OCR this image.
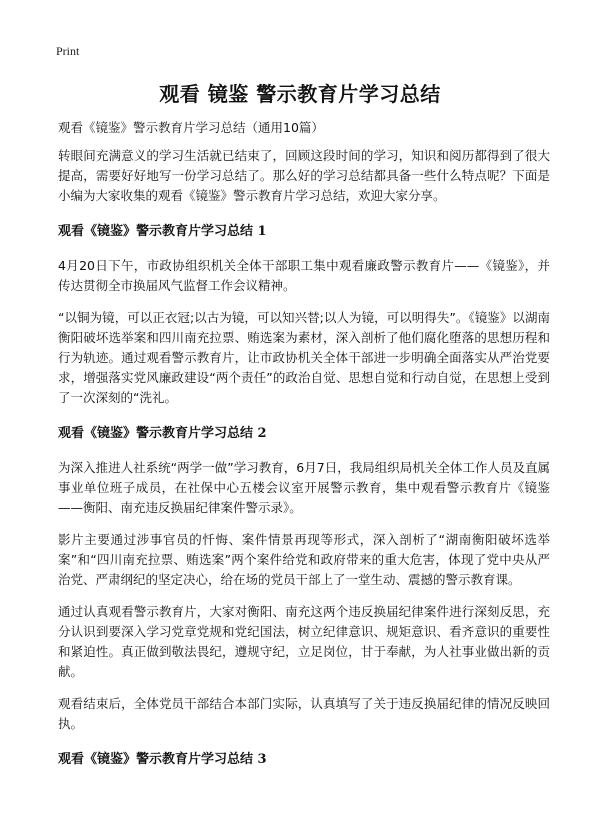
Print
观看 镜鉴 警示教育片学习总结
观看《镜鉴》警示教育片学习总结（通用10篇）

转眼间充满意义的学习生活就已结束了，回顾这段时间的学习，知识和阅历都得到了很大提高，需要好好地写一份学习总结了。那么好的学习总结都具备一些什么特点呢？下面是小编为大家收集的观看《镜鉴》警示教育片学习总结，欢迎大家分享。

观看《镜鉴》警示教育片学习总结 1

4月20日下午，市政协组织机关全体干部职工集中观看廉政警示教育片——《镜鉴》，并传达贯彻全市换届风气监督工作会议精神。

“以铜为镜，可以正衣冠;以古为镜，可以知兴替;以人为镜，可以明得失”。《镜鉴》以湖南衡阳破坏选举案和四川南充拉票、贿选案为素材，深入剖析了他们腐化堕落的思想历程和行为轨迹。通过观看警示教育片，让市政协机关全体干部进一步明确全面落实从严治党要求，增强落实党风廉政建设“两个责任”的政治自觉、思想自觉和行动自觉，在思想上受到了一次深刻的“洗礼。

观看《镜鉴》警示教育片学习总结 2

为深入推进人社系统“两学一做”学习教育，6月7日，我局组织局机关全体工作人员及直属事业单位班子成员，在社保中心五楼会议室开展警示教育，集中观看警示教育片《镜鉴——衡阳、南充违反换届纪律案件警示录》。

影片主要通过涉事官员的忏悔、案件情景再现等形式，深入剖析了“湖南衡阳破坏选举案”和“四川南充拉票、贿选案”两个案件给党和政府带来的重大危害，体现了党中央从严治党、严肃纲纪的坚定决心，给在场的党员干部上了一堂生动、震撼的警示教育课。

通过认真观看警示教育片，大家对衡阳、南充这两个违反换届纪律案件进行深刻反思，充分认识到要深入学习党章党规和党纪国法，树立纪律意识、规矩意识、看齐意识的重要性和紧迫性。真正做到敬法畏纪，遵规守纪，立足岗位，甘于奉献，为人社事业做出新的贡献。

观看结束后，全体党员干部结合本部门实际，认真填写了关于违反换届纪律的情况反映回执。

观看《镜鉴》警示教育片学习总结 3
